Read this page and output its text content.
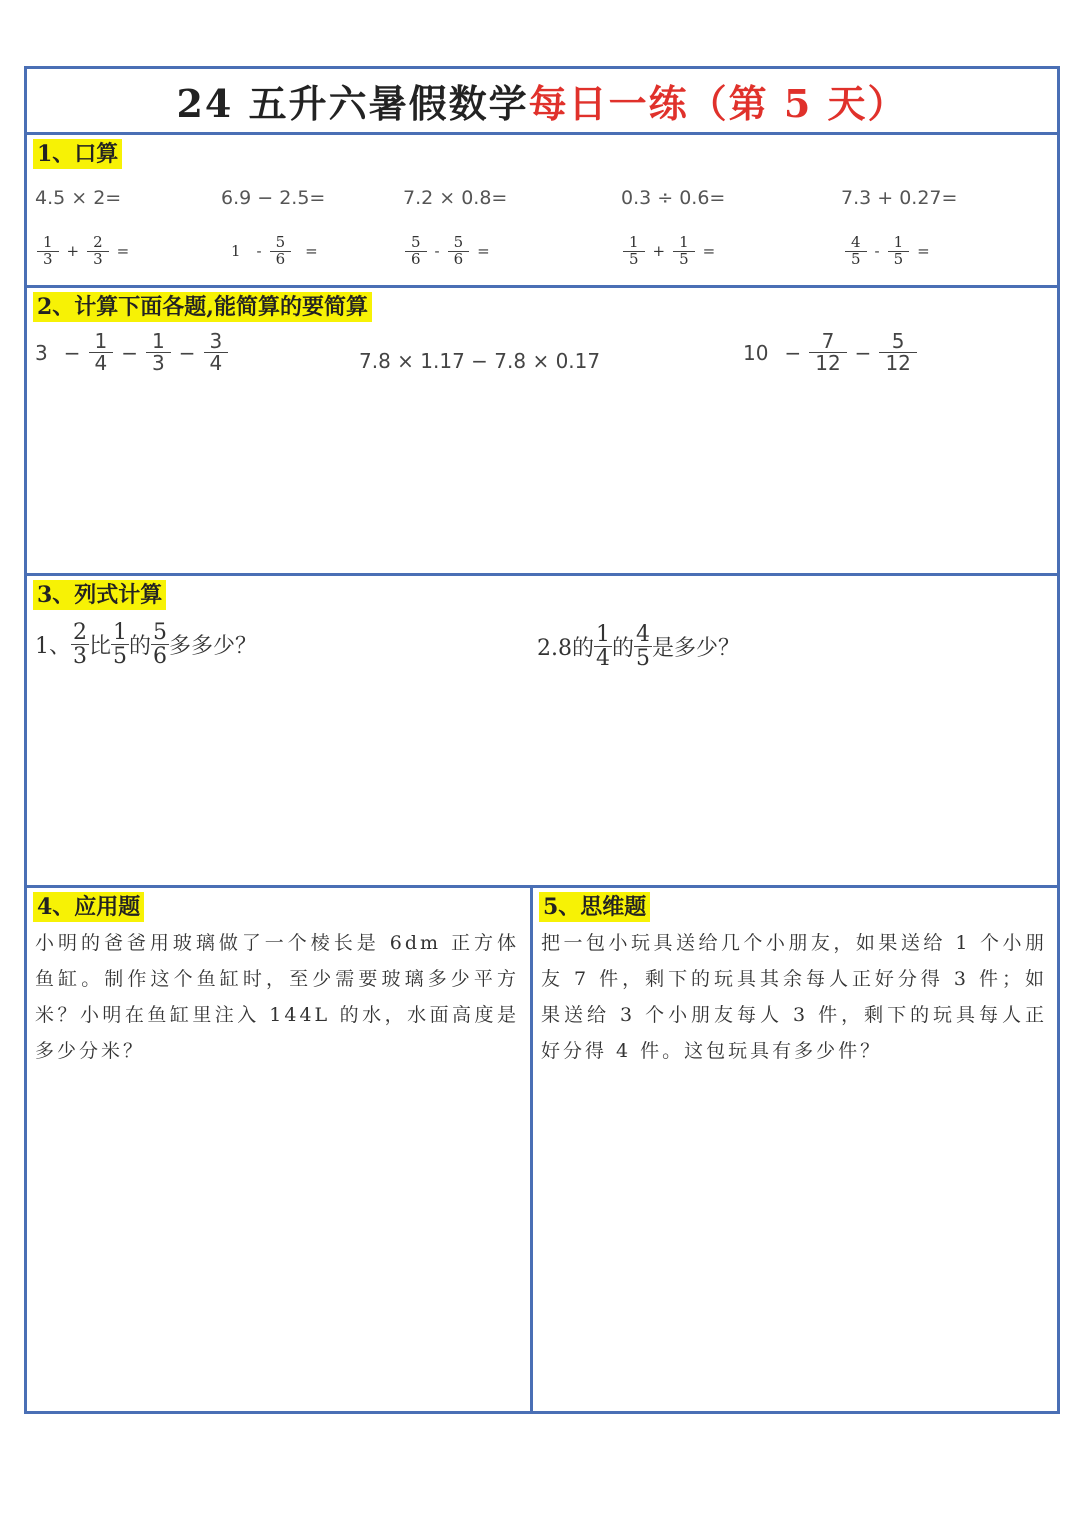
24 五升六暑假数学每日一练（第 5 天）
1、口算
4.5 × 2=	6.9 − 2.5=	7.2 × 0.8=	0.3 ÷ 0.6=	7.3 + 0.27=
$\frac{1}{3} + \frac{2}{3}$ =	$1 - \frac{5}{6}$ =	$\frac{5}{6} - \frac{5}{6}$ =	$\frac{1}{5} + \frac{1}{5}$ =	$\frac{4}{5} - \frac{1}{5}$ =
2、计算下面各题,能简算的要简算
$3 - \frac{1}{4} - \frac{1}{3} - \frac{3}{4}$	7.8 × 1.17 − 7.8 × 0.17	$10 - \frac{7}{12} - \frac{5}{12}$
3、列式计算
1、 $\frac{2}{3}$ 比 $\frac{1}{5}$ 的 $\frac{5}{6}$ 多多少？	2.8的 $\frac{1}{4}$ 的 $\frac{4}{5}$ 是多少？
4、应用题
小明的爸爸用玻璃做了一个棱长是 6dm 正方体鱼缸。制作这个鱼缸时，至少需要玻璃多少平方米？小明在鱼缸里注入 144L 的水，水面高度是多少分米？
5、思维题
把一包小玩具送给几个小朋友，如果送给 1 个小朋友 7 件，剩下的玩具其余每人正好分得 3 件；如果送给 3 个小朋友每人 3 件，剩下的玩具每人正好分得 4 件。这包玩具有多少件？
